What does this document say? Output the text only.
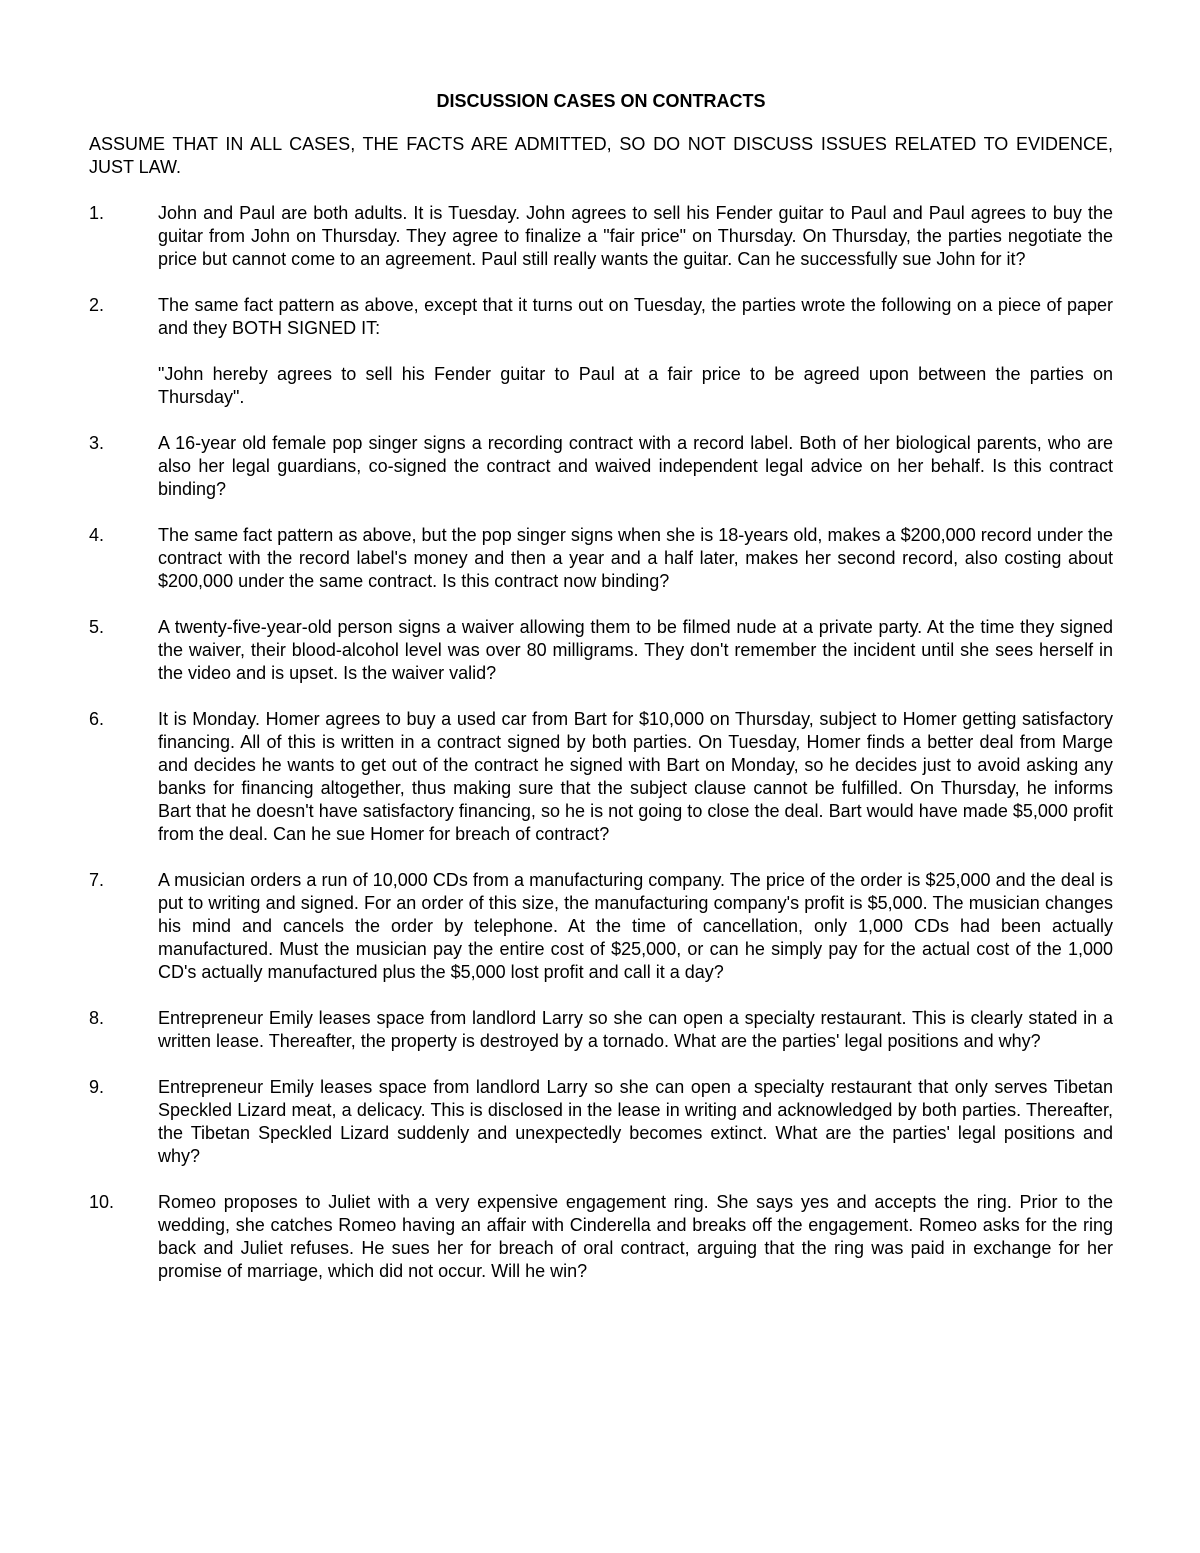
DISCUSSION CASES ON CONTRACTS
ASSUME THAT IN ALL CASES, THE FACTS ARE ADMITTED, SO DO NOT DISCUSS ISSUES RELATED TO EVIDENCE, JUST LAW.
1.	John and Paul are both adults. It is Tuesday. John agrees to sell his Fender guitar to Paul and Paul agrees to buy the guitar from John on Thursday. They agree to finalize a "fair price" on Thursday. On Thursday, the parties negotiate the price but cannot come to an agreement. Paul still really wants the guitar. Can he successfully sue John for it?

2.	The same fact pattern as above, except that it turns out on Tuesday, the parties wrote the following on a piece of paper and they BOTH SIGNED IT:

"John hereby agrees to sell his Fender guitar to Paul at a fair price to be agreed upon between the parties on Thursday".

3.	A 16-year old female pop singer signs a recording contract with a record label. Both of her biological parents, who are also her legal guardians, co-signed the contract and waived independent legal advice on her behalf. Is this contract binding?

4.	The same fact pattern as above, but the pop singer signs when she is 18-years old, makes a $200,000 record under the contract with the record label's money and then a year and a half later, makes her second record, also costing about $200,000 under the same contract. Is this contract now binding?

5.	A twenty-five-year-old person signs a waiver allowing them to be filmed nude at a private party. At the time they signed the waiver, their blood-alcohol level was over 80 milligrams. They don't remember the incident until she sees herself in the video and is upset. Is the waiver valid?

6.	It is Monday. Homer agrees to buy a used car from Bart for $10,000 on Thursday, subject to Homer getting satisfactory financing. All of this is written in a contract signed by both parties. On Tuesday, Homer finds a better deal from Marge and decides he wants to get out of the contract he signed with Bart on Monday, so he decides just to avoid asking any banks for financing altogether, thus making sure that the subject clause cannot be fulfilled. On Thursday, he informs Bart that he doesn't have satisfactory financing, so he is not going to close the deal. Bart would have made $5,000 profit from the deal. Can he sue Homer for breach of contract?

7.	A musician orders a run of 10,000 CDs from a manufacturing company. The price of the order is $25,000 and the deal is put to writing and signed. For an order of this size, the manufacturing company's profit is $5,000. The musician changes his mind and cancels the order by telephone. At the time of cancellation, only 1,000 CDs had been actually manufactured. Must the musician pay the entire cost of $25,000, or can he simply pay for the actual cost of the 1,000 CD's actually manufactured plus the $5,000 lost profit and call it a day?

8.	Entrepreneur Emily leases space from landlord Larry so she can open a specialty restaurant. This is clearly stated in a written lease. Thereafter, the property is destroyed by a tornado. What are the parties' legal positions and why?

9.	Entrepreneur Emily leases space from landlord Larry so she can open a specialty restaurant that only serves Tibetan Speckled Lizard meat, a delicacy. This is disclosed in the lease in writing and acknowledged by both parties. Thereafter, the Tibetan Speckled Lizard suddenly and unexpectedly becomes extinct. What are the parties' legal positions and why?

10.	Romeo proposes to Juliet with a very expensive engagement ring. She says yes and accepts the ring. Prior to the wedding, she catches Romeo having an affair with Cinderella and breaks off the engagement. Romeo asks for the ring back and Juliet refuses. He sues her for breach of oral contract, arguing that the ring was paid in exchange for her promise of marriage, which did not occur. Will he win?
